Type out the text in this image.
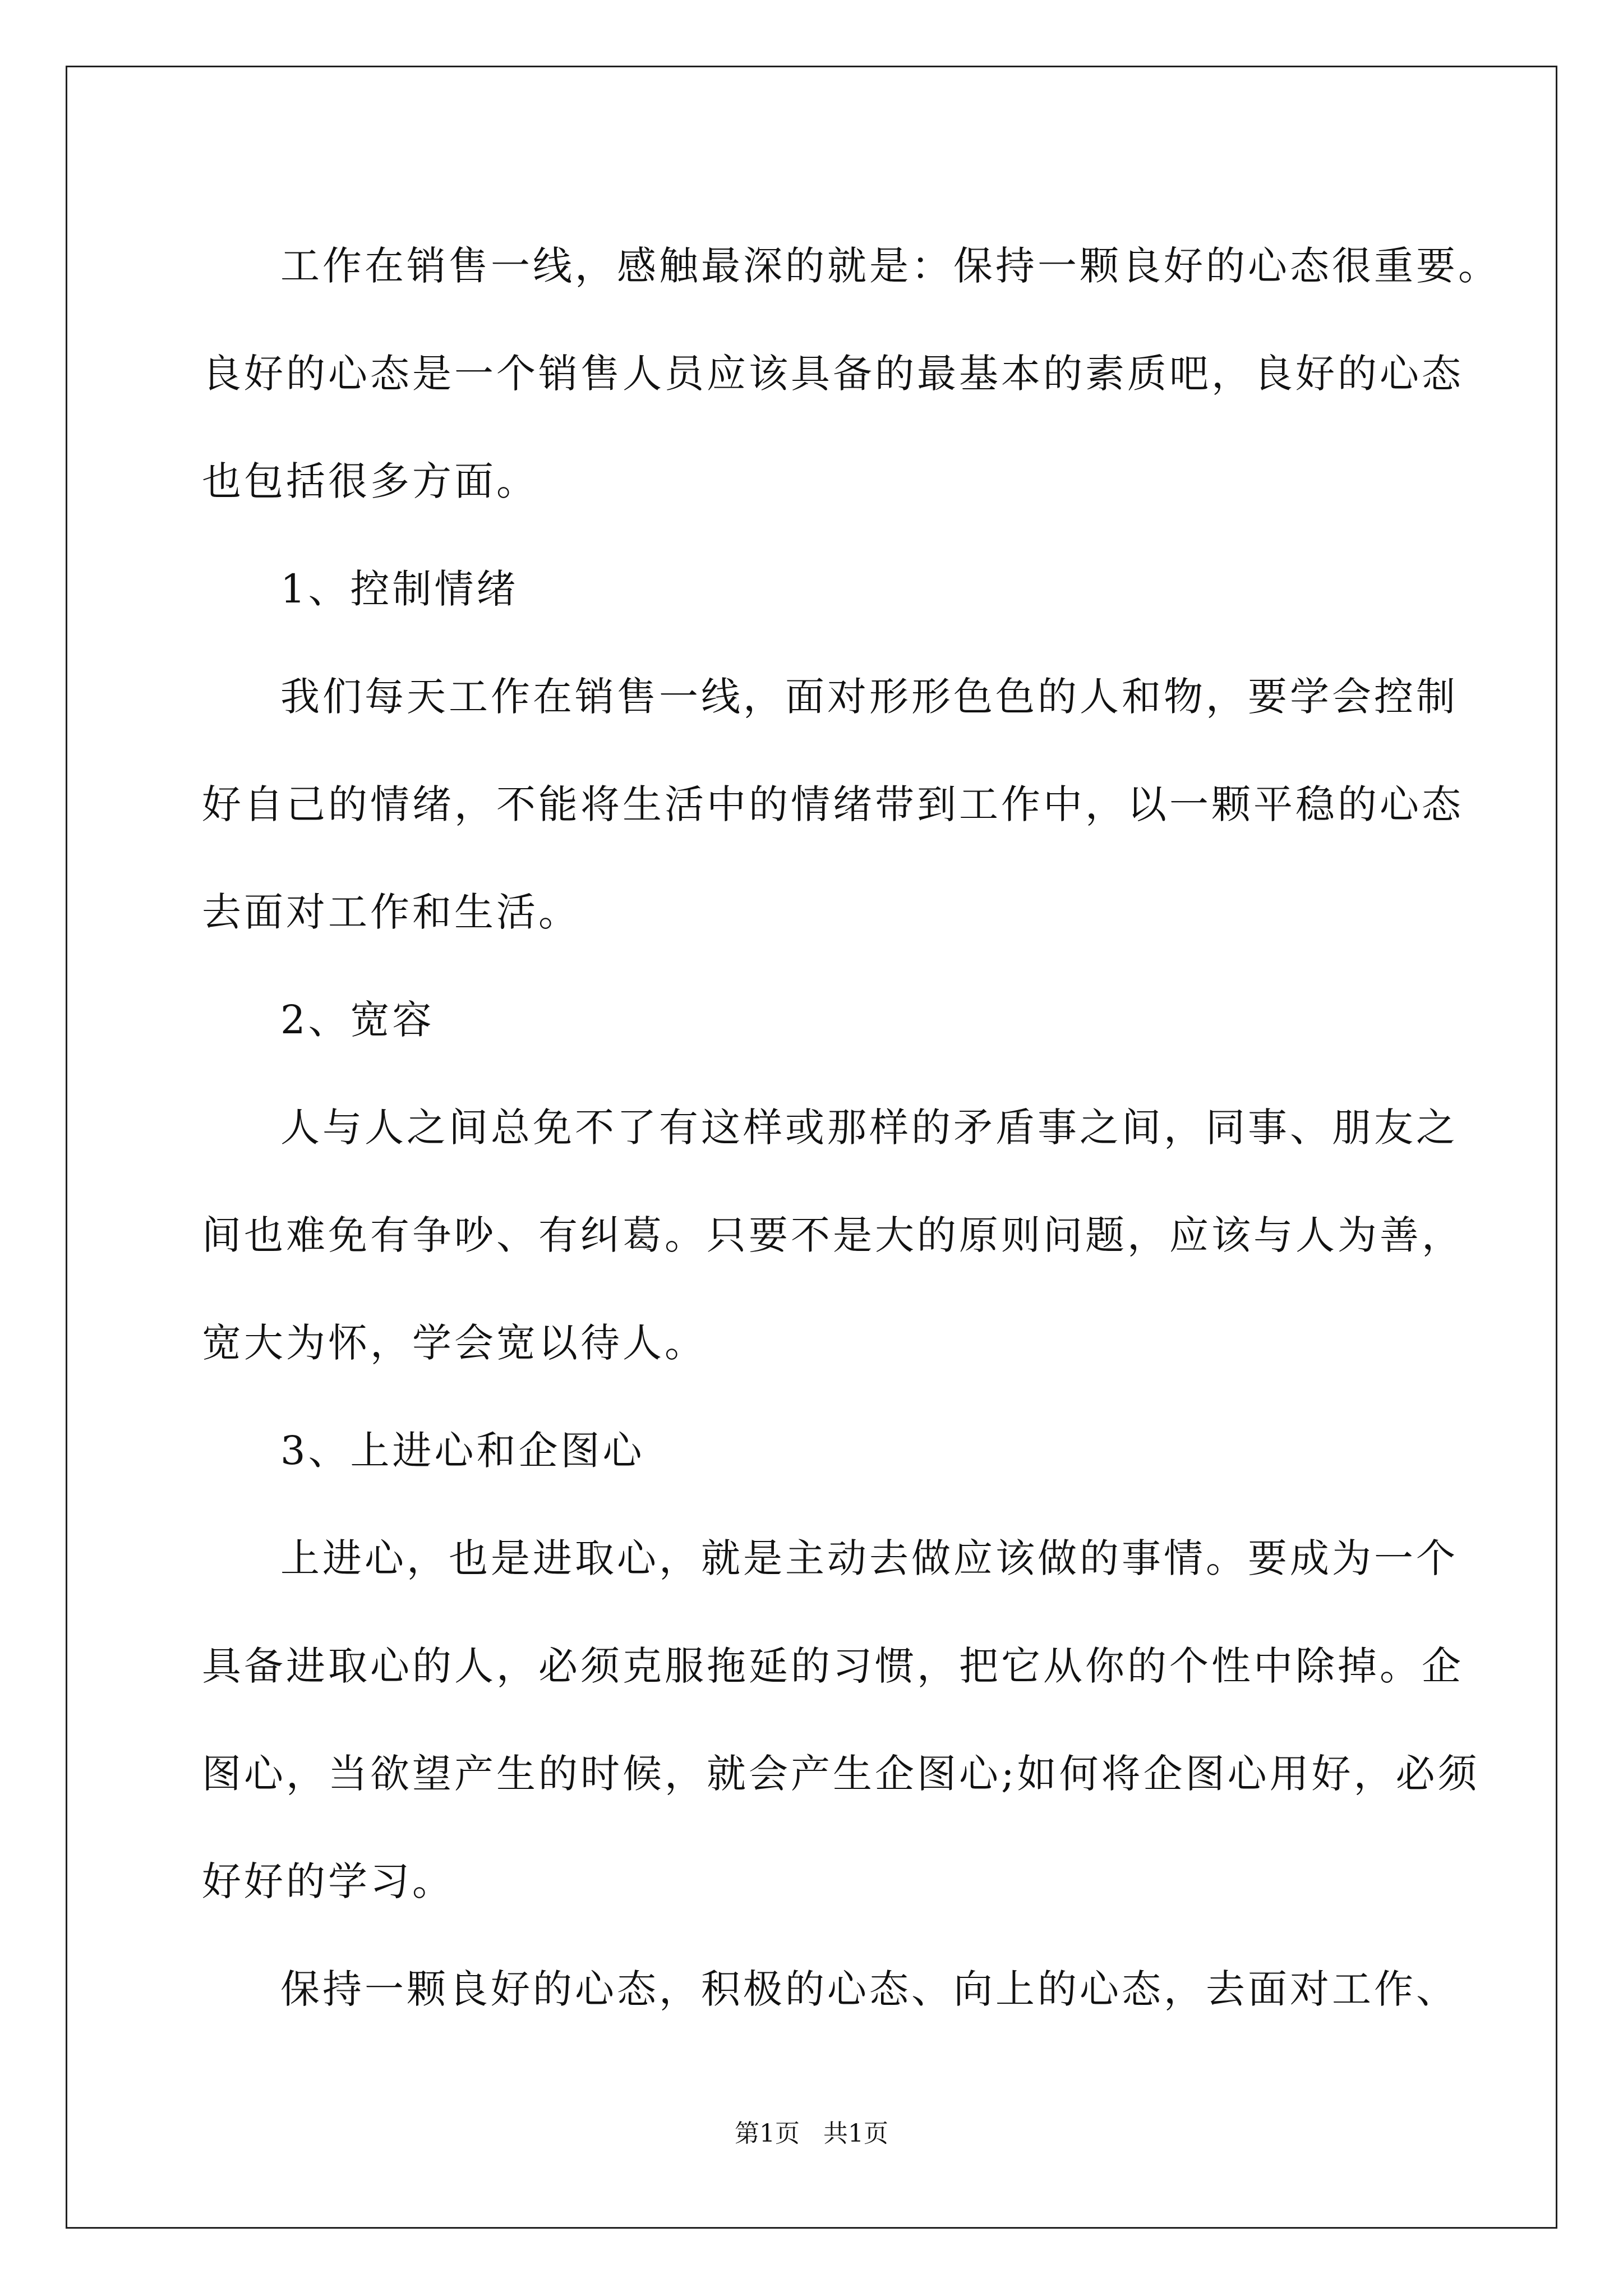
工作在销售一线，感触最深的就是：保持一颗良好的心态很重要。
良好的心态是一个销售人员应该具备的最基本的素质吧，良好的心态
也包括很多方面。
1、控制情绪
我们每天工作在销售一线，面对形形色色的人和物，要学会控制
好自己的情绪，不能将生活中的情绪带到工作中，以一颗平稳的心态
去面对工作和生活。
2、宽容
人与人之间总免不了有这样或那样的矛盾事之间，同事、朋友之
间也难免有争吵、有纠葛。只要不是大的原则问题，应该与人为善，
宽大为怀，学会宽以待人。
3、上进心和企图心
上进心，也是进取心，就是主动去做应该做的事情。要成为一个
具备进取心的人，必须克服拖延的习惯，把它从你的个性中除掉。企
图心，当欲望产生的时候，就会产生企图心;如何将企图心用好，必须
好好的学习。
保持一颗良好的心态，积极的心态、向上的心态，去面对工作、
第1页   共1页
